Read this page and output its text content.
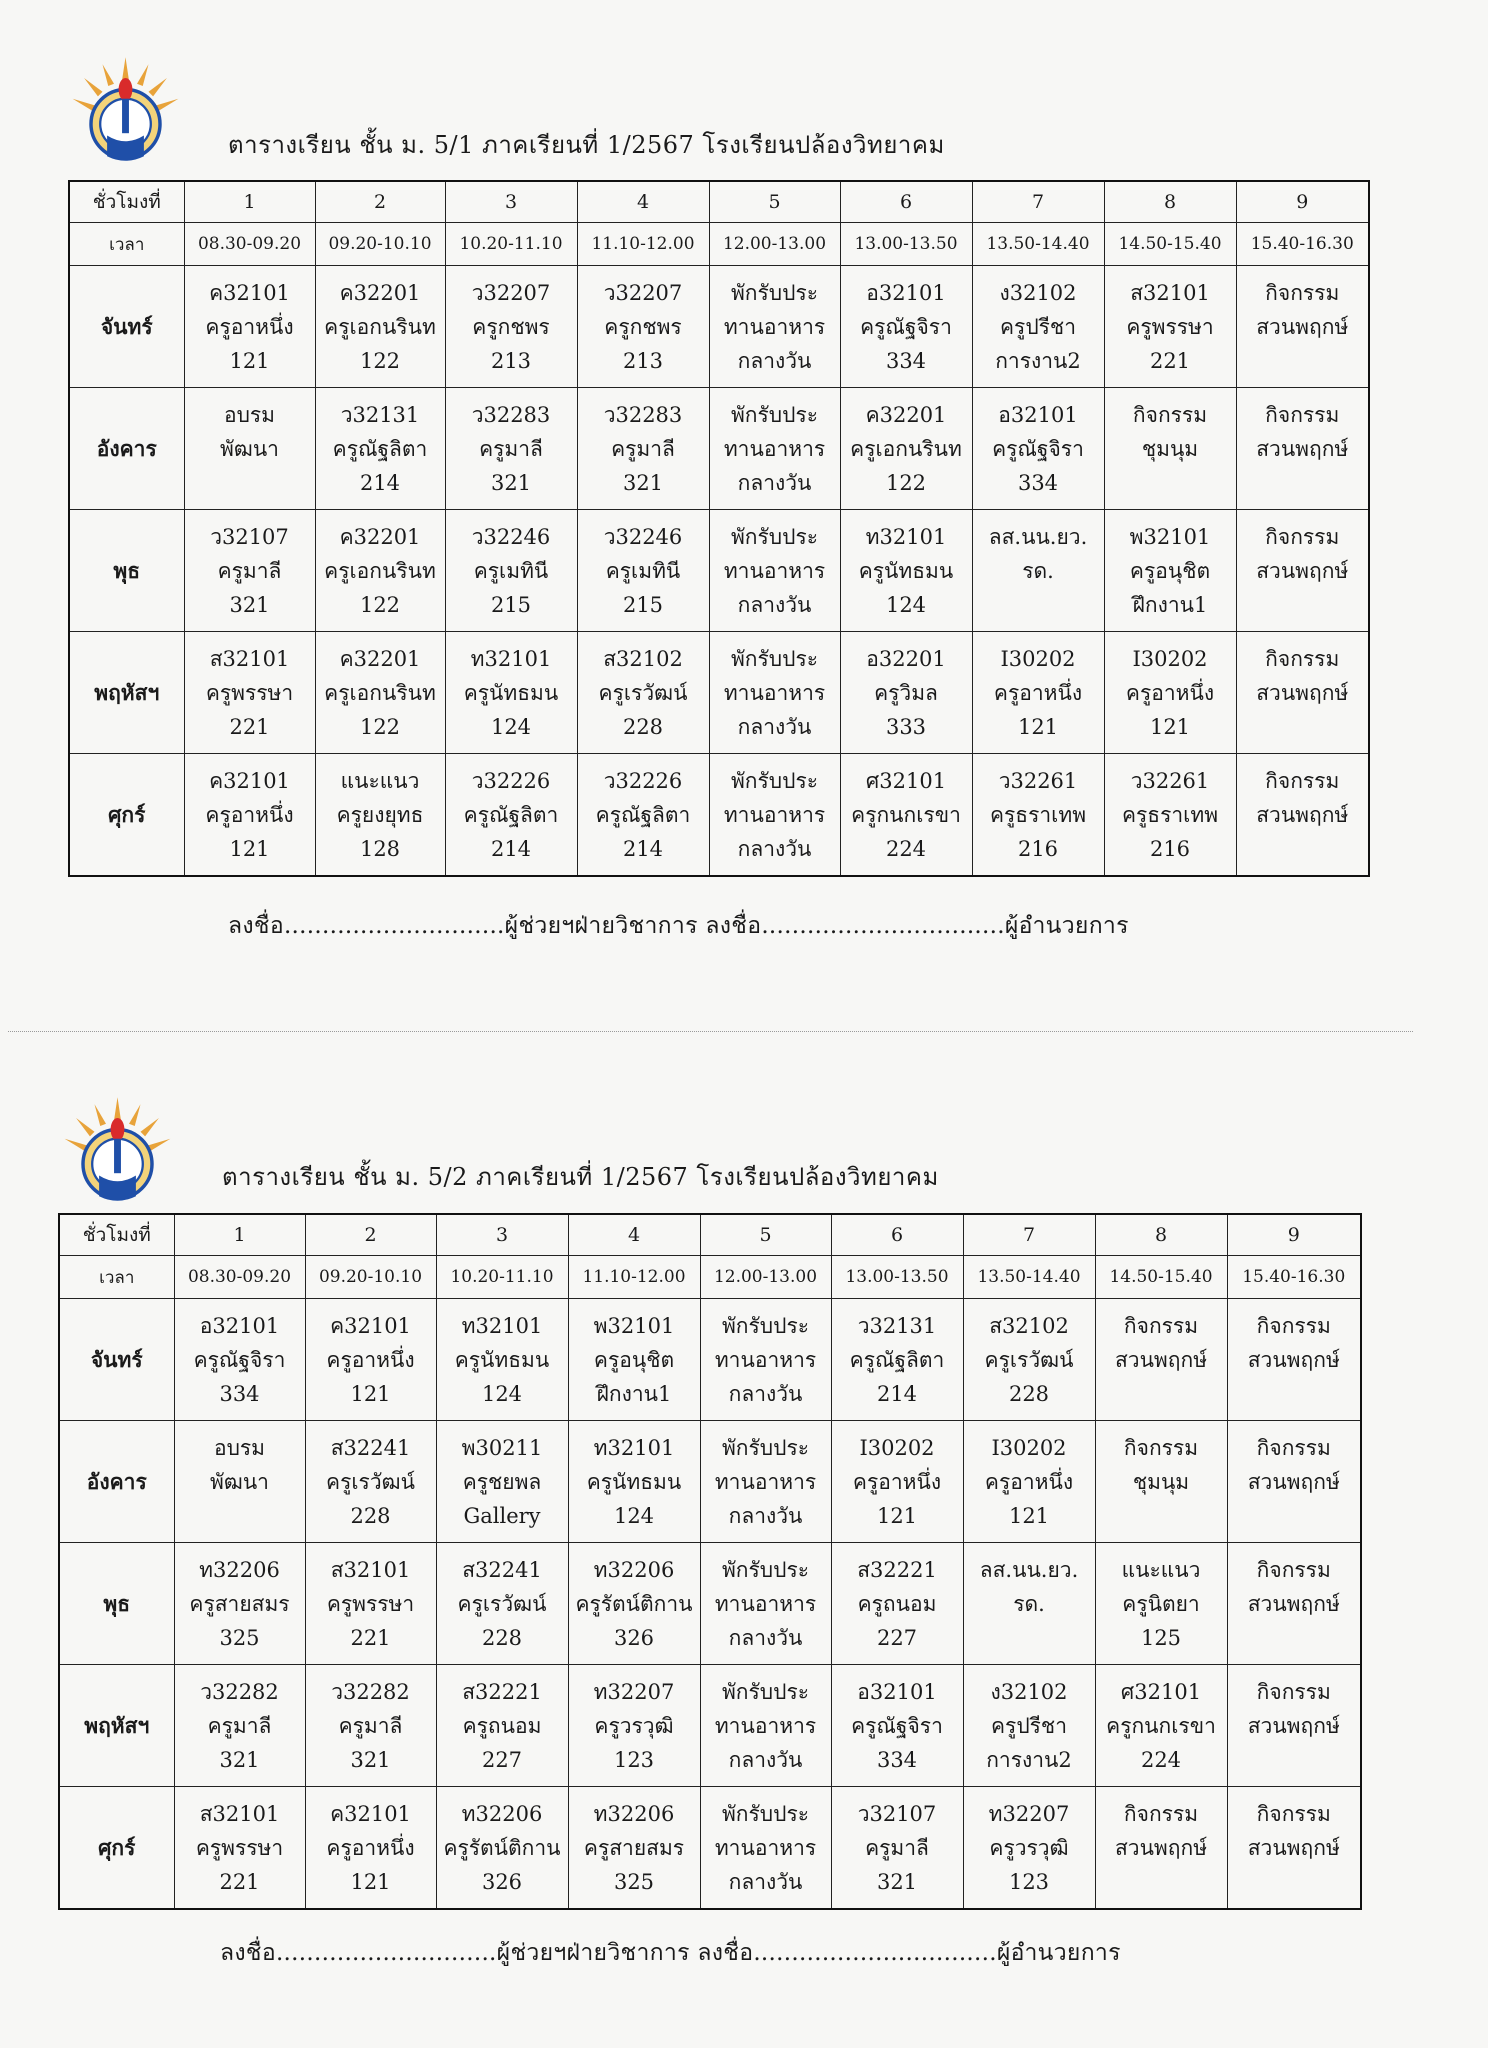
ตารางเรียน ชั้น ม. 5/1 ภาคเรียนที่ 1/2567 โรงเรียนปล้องวิทยาคม
ชั่วโมงที่	1	2	3	4	5	6	7	8	9
เวลา	08.30-09.20	09.20-10.10	10.20-11.10	11.10-12.00	12.00-13.00	13.00-13.50	13.50-14.40	14.50-15.40	15.40-16.30
จันทร์	ค32101
ครูอาหนึ่ง
121	ค32201
ครูเอกนรินท
122	ว32207
ครูกชพร
213	ว32207
ครูกชพร
213	พักรับประ
ทานอาหาร
กลางวัน	อ32101
ครูณัฐจิรา
334	ง32102
ครูปรีชา
การงาน2	ส32101
ครูพรรษา
221	กิจกรรม
สวนพฤกษ์

อังคาร	อบรม
พัฒนา	ว32131
ครูณัฐลิตา
214	ว32283
ครูมาลี
321	ว32283
ครูมาลี
321	พักรับประ
ทานอาหาร
กลางวัน	ค32201
ครูเอกนรินท
122	อ32101
ครูณัฐจิรา
334	กิจกรรม
ชุมนุม	กิจกรรม
สวนพฤกษ์

พุธ	ว32107
ครูมาลี
321	ค32201
ครูเอกนรินท
122	ว32246
ครูเมทินี
215	ว32246
ครูเมทินี
215	พักรับประ
ทานอาหาร
กลางวัน	ท32101
ครูนัทธมน
124	ลส.นน.ยว.
รด.	พ32101
ครูอนุชิต
ฝึกงาน1	กิจกรรม
สวนพฤกษ์

พฤหัสฯ	ส32101
ครูพรรษา
221	ค32201
ครูเอกนรินท
122	ท32101
ครูนัทธมน
124	ส32102
ครูเรวัฒน์
228	พักรับประ
ทานอาหาร
กลางวัน	อ32201
ครูวิมล
333	I30202
ครูอาหนึ่ง
121	I30202
ครูอาหนึ่ง
121	กิจกรรม
สวนพฤกษ์

ศุกร์	ค32101
ครูอาหนึ่ง
121	แนะแนว
ครูยงยุทธ
128	ว32226
ครูณัฐลิตา
214	ว32226
ครูณัฐลิตา
214	พักรับประ
ทานอาหาร
กลางวัน	ศ32101
ครูกนกเรขา
224	ว32261
ครูธราเทพ
216	ว32261
ครูธราเทพ
216	กิจกรรม
สวนพฤกษ์

ลงชื่อ.............................ผู้ช่วยฯฝ่ายวิชาการ ลงชื่อ................................ผู้อำนวยการ
ตารางเรียน ชั้น ม. 5/2 ภาคเรียนที่ 1/2567 โรงเรียนปล้องวิทยาคม
ชั่วโมงที่	1	2	3	4	5	6	7	8	9
เวลา	08.30-09.20	09.20-10.10	10.20-11.10	11.10-12.00	12.00-13.00	13.00-13.50	13.50-14.40	14.50-15.40	15.40-16.30
จันทร์	อ32101
ครูณัฐจิรา
334	ค32101
ครูอาหนึ่ง
121	ท32101
ครูนัทธมน
124	พ32101
ครูอนุชิต
ฝึกงาน1	พักรับประ
ทานอาหาร
กลางวัน	ว32131
ครูณัฐลิตา
214	ส32102
ครูเรวัฒน์
228	กิจกรรม
สวนพฤกษ์	กิจกรรม
สวนพฤกษ์

อังคาร	อบรม
พัฒนา	ส32241
ครูเรวัฒน์
228	พ30211
ครูชยพล
Gallery	ท32101
ครูนัทธมน
124	พักรับประ
ทานอาหาร
กลางวัน	I30202
ครูอาหนึ่ง
121	I30202
ครูอาหนึ่ง
121	กิจกรรม
ชุมนุม	กิจกรรม
สวนพฤกษ์

พุธ	ท32206
ครูสายสมร
325	ส32101
ครูพรรษา
221	ส32241
ครูเรวัฒน์
228	ท32206
ครูรัตน์ติกาน
326	พักรับประ
ทานอาหาร
กลางวัน	ส32221
ครูถนอม
227	ลส.นน.ยว.
รด.	แนะแนว
ครูนิตยา
125	กิจกรรม
สวนพฤกษ์

พฤหัสฯ	ว32282
ครูมาลี
321	ว32282
ครูมาลี
321	ส32221
ครูถนอม
227	ท32207
ครูวรวุฒิ
123	พักรับประ
ทานอาหาร
กลางวัน	อ32101
ครูณัฐจิรา
334	ง32102
ครูปรีชา
การงาน2	ศ32101
ครูกนกเรขา
224	กิจกรรม
สวนพฤกษ์

ศุกร์	ส32101
ครูพรรษา
221	ค32101
ครูอาหนึ่ง
121	ท32206
ครูรัตน์ติกาน
326	ท32206
ครูสายสมร
325	พักรับประ
ทานอาหาร
กลางวัน	ว32107
ครูมาลี
321	ท32207
ครูวรวุฒิ
123	กิจกรรม
สวนพฤกษ์	กิจกรรม
สวนพฤกษ์

ลงชื่อ.............................ผู้ช่วยฯฝ่ายวิชาการ ลงชื่อ................................ผู้อำนวยการ
